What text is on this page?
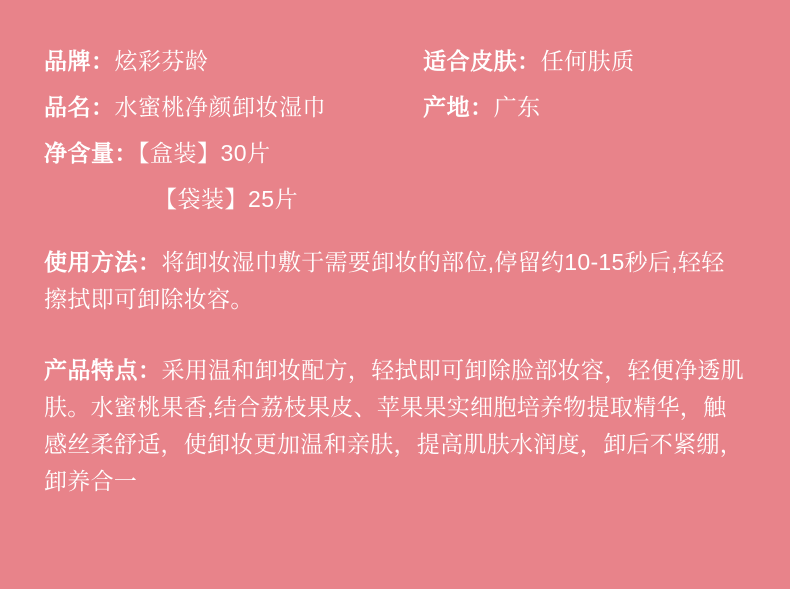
品牌：炫彩芬龄	适合皮肤：任何肤质
品名：水蜜桃净颜卸妆湿巾	产地：广东
净含量：【盒装】30片	
【袋装】25片	
使用方法：将卸妆湿巾敷于需要卸妆的部位,停留约10-15秒后,轻轻擦拭即可卸除妆容。
产品特点：采用温和卸妆配方，轻拭即可卸除脸部妆容，轻便净透肌肤。水蜜桃果香,结合荔枝果皮、苹果果实细胞培养物提取精华，触感丝柔舒适，使卸妆更加温和亲肤，提高肌肤水润度，卸后不紧绷，卸养合一
